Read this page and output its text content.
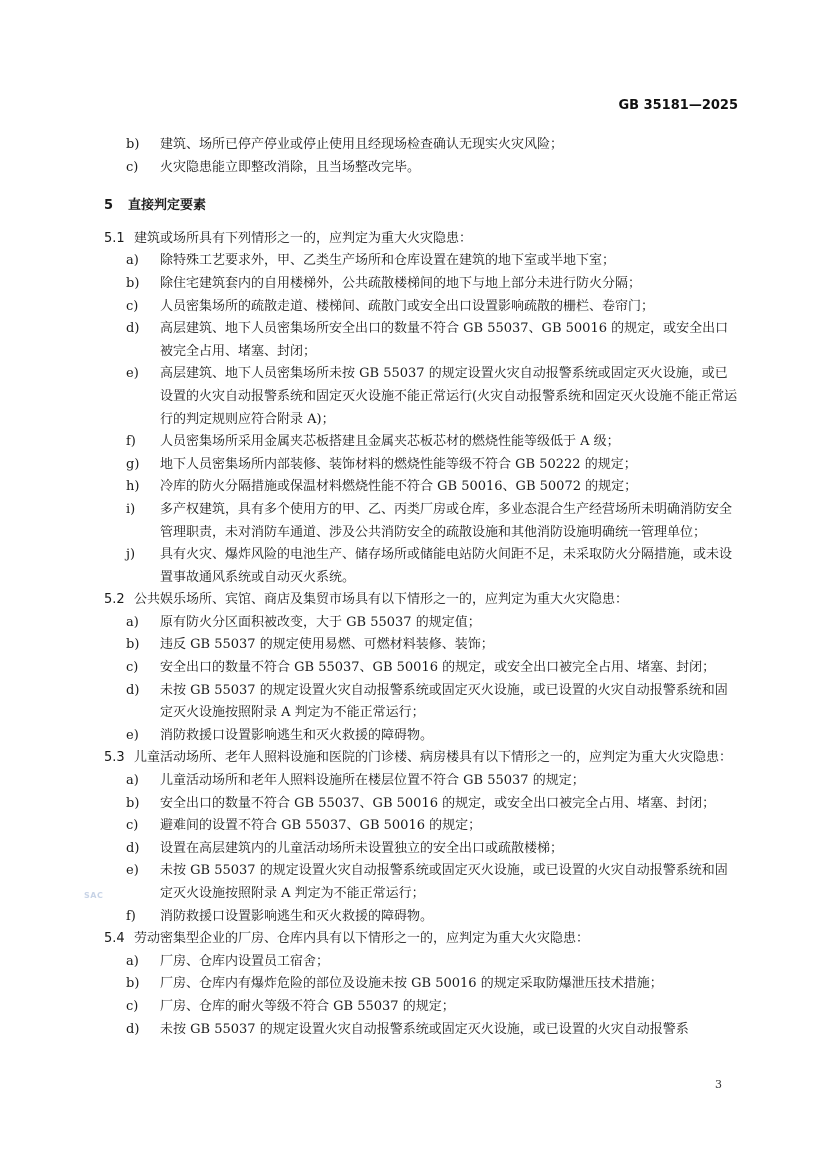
GB 35181—2025
b) 建筑、场所已停产停业或停止使用且经现场检查确认无现实火灾风险；
c) 火灾隐患能立即整改消除，且当场整改完毕。
5 直接判定要素
5.1 建筑或场所具有下列情形之一的，应判定为重大火灾隐患：
a) 除特殊工艺要求外，甲、乙类生产场所和仓库设置在建筑的地下室或半地下室；
b) 除住宅建筑套内的自用楼梯外，公共疏散楼梯间的地下与地上部分未进行防火分隔；
c) 人员密集场所的疏散走道、楼梯间、疏散门或安全出口设置影响疏散的栅栏、卷帘门；
d) 高层建筑、地下人员密集场所安全出口的数量不符合 GB 55037、GB 50016 的规定，或安全出口被完全占用、堵塞、封闭；
e) 高层建筑、地下人员密集场所未按 GB 55037 的规定设置火灾自动报警系统或固定灭火设施，或已设置的火灾自动报警系统和固定灭火设施不能正常运行(火灾自动报警系统和固定灭火设施不能正常运行的判定规则应符合附录 A)；
f) 人员密集场所采用金属夹芯板搭建且金属夹芯板芯材的燃烧性能等级低于 A 级；
g) 地下人员密集场所内部装修、装饰材料的燃烧性能等级不符合 GB 50222 的规定；
h) 冷库的防火分隔措施或保温材料燃烧性能不符合 GB 50016、GB 50072 的规定；
i) 多产权建筑，具有多个使用方的甲、乙、丙类厂房或仓库，多业态混合生产经营场所未明确消防安全管理职责，未对消防车通道、涉及公共消防安全的疏散设施和其他消防设施明确统一管理单位；
j) 具有火灾、爆炸风险的电池生产、储存场所或储能电站防火间距不足，未采取防火分隔措施，或未设置事故通风系统或自动灭火系统。
5.2 公共娱乐场所、宾馆、商店及集贸市场具有以下情形之一的，应判定为重大火灾隐患：
a) 原有防火分区面积被改变，大于 GB 55037 的规定值；
b) 违反 GB 55037 的规定使用易燃、可燃材料装修、装饰；
c) 安全出口的数量不符合 GB 55037、GB 50016 的规定，或安全出口被完全占用、堵塞、封闭；
d) 未按 GB 55037 的规定设置火灾自动报警系统或固定灭火设施，或已设置的火灾自动报警系统和固定灭火设施按照附录 A 判定为不能正常运行；
e) 消防救援口设置影响逃生和灭火救援的障碍物。
5.3 儿童活动场所、老年人照料设施和医院的门诊楼、病房楼具有以下情形之一的，应判定为重大火灾隐患：
a) 儿童活动场所和老年人照料设施所在楼层位置不符合 GB 55037 的规定；
b) 安全出口的数量不符合 GB 55037、GB 50016 的规定，或安全出口被完全占用、堵塞、封闭；
c) 避难间的设置不符合 GB 55037、GB 50016 的规定；
d) 设置在高层建筑内的儿童活动场所未设置独立的安全出口或疏散楼梯；
e) 未按 GB 55037 的规定设置火灾自动报警系统或固定灭火设施，或已设置的火灾自动报警系统和固定灭火设施按照附录 A 判定为不能正常运行；
f) 消防救援口设置影响逃生和灭火救援的障碍物。
5.4 劳动密集型企业的厂房、仓库内具有以下情形之一的，应判定为重大火灾隐患：
a) 厂房、仓库内设置员工宿舍；
b) 厂房、仓库内有爆炸危险的部位及设施未按 GB 50016 的规定采取防爆泄压技术措施；
c) 厂房、仓库的耐火等级不符合 GB 55037 的规定；
d) 未按 GB 55037 的规定设置火灾自动报警系统或固定灭火设施，或已设置的火灾自动报警系
SAC
3
